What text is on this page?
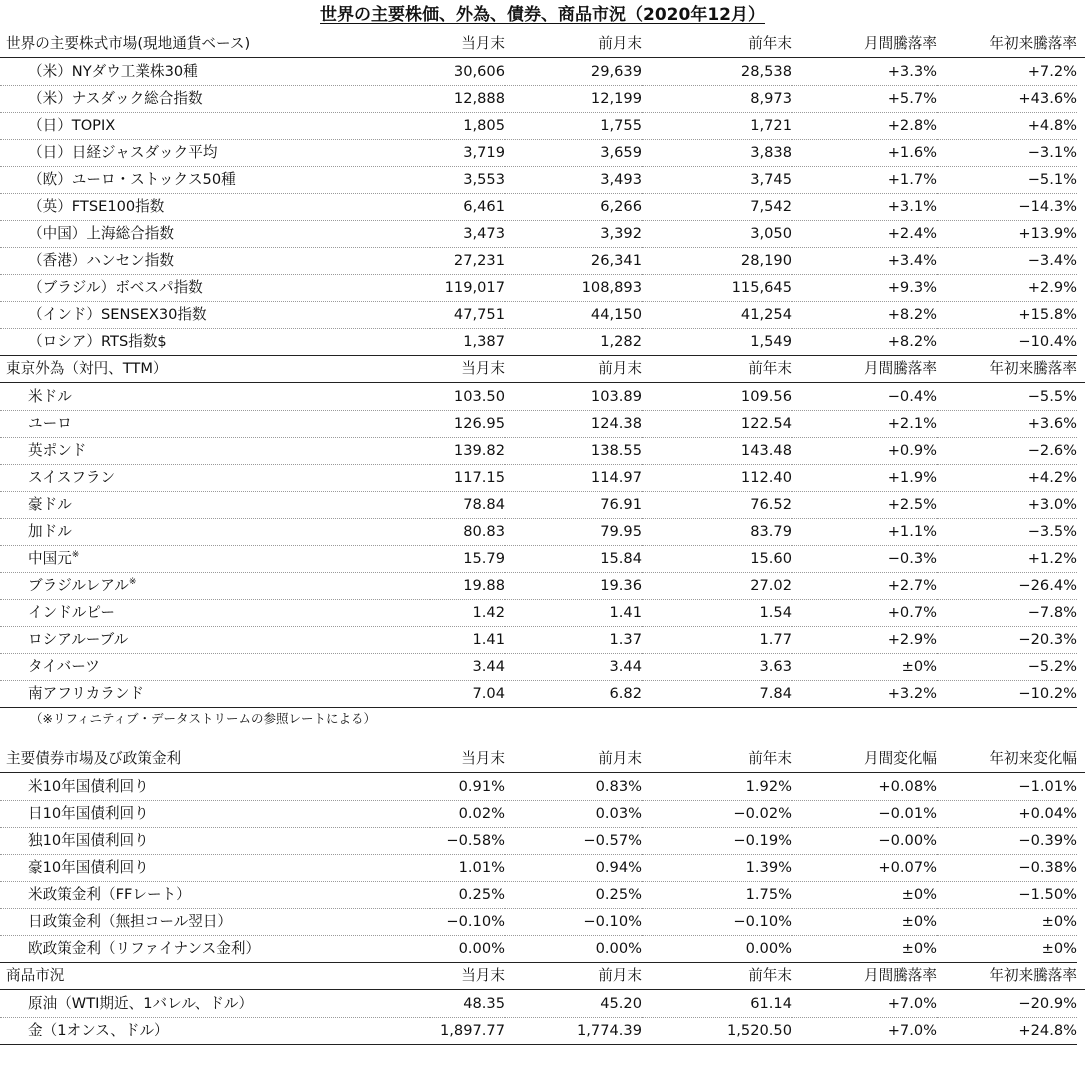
世界の主要株価、外為、債券、商品市況（2020年12月）
世界の主要株式市場(現地通貨ベース)	当月末	前月末	前年末	月間騰落率	年初来騰落率
（米）NYダウ工業株30種	30,606	29,639	28,538	+3.3%	+7.2%
（米）ナスダック総合指数	12,888	12,199	8,973	+5.7%	+43.6%
（日）TOPIX	1,805	1,755	1,721	+2.8%	+4.8%
（日）日経ジャスダック平均	3,719	3,659	3,838	+1.6%	−3.1%
（欧）ユーロ・ストックス50種	3,553	3,493	3,745	+1.7%	−5.1%
（英）FTSE100指数	6,461	6,266	7,542	+3.1%	−14.3%
（中国）上海総合指数	3,473	3,392	3,050	+2.4%	+13.9%
（香港）ハンセン指数	27,231	26,341	28,190	+3.4%	−3.4%
（ブラジル）ボベスパ指数	119,017	108,893	115,645	+9.3%	+2.9%
（インド）SENSEX30指数	47,751	44,150	41,254	+8.2%	+15.8%
（ロシア）RTS指数$	1,387	1,282	1,549	+8.2%	−10.4%
東京外為（対円、TTM）	当月末	前月末	前年末	月間騰落率	年初来騰落率
米ドル	103.50	103.89	109.56	−0.4%	−5.5%
ユーロ	126.95	124.38	122.54	+2.1%	+3.6%
英ポンド	139.82	138.55	143.48	+0.9%	−2.6%
スイスフラン	117.15	114.97	112.40	+1.9%	+4.2%
豪ドル	78.84	76.91	76.52	+2.5%	+3.0%
加ドル	80.83	79.95	83.79	+1.1%	−3.5%
中国元※	15.79	15.84	15.60	−0.3%	+1.2%
ブラジルレアル※	19.88	19.36	27.02	+2.7%	−26.4%
インドルピー	1.42	1.41	1.54	+0.7%	−7.8%
ロシアルーブル	1.41	1.37	1.77	+2.9%	−20.3%
タイバーツ	3.44	3.44	3.63	±0%	−5.2%
南アフリカランド	7.04	6.82	7.84	+3.2%	−10.2%
（※リフィニティブ・データストリームの参照レートによる）
主要債券市場及び政策金利	当月末	前月末	前年末	月間変化幅	年初来変化幅
米10年国債利回り	0.91%	0.83%	1.92%	+0.08%	−1.01%
日10年国債利回り	0.02%	0.03%	−0.02%	−0.01%	+0.04%
独10年国債利回り	−0.58%	−0.57%	−0.19%	−0.00%	−0.39%
豪10年国債利回り	1.01%	0.94%	1.39%	+0.07%	−0.38%
米政策金利（FFレート）	0.25%	0.25%	1.75%	±0%	−1.50%
日政策金利（無担コール翌日）	−0.10%	−0.10%	−0.10%	±0%	±0%
欧政策金利（リファイナンス金利）	0.00%	0.00%	0.00%	±0%	±0%
商品市況	当月末	前月末	前年末	月間騰落率	年初来騰落率
原油（WTI期近、1バレル、ドル）	48.35	45.20	61.14	+7.0%	−20.9%
金（1オンス、ドル）	1,897.77	1,774.39	1,520.50	+7.0%	+24.8%
